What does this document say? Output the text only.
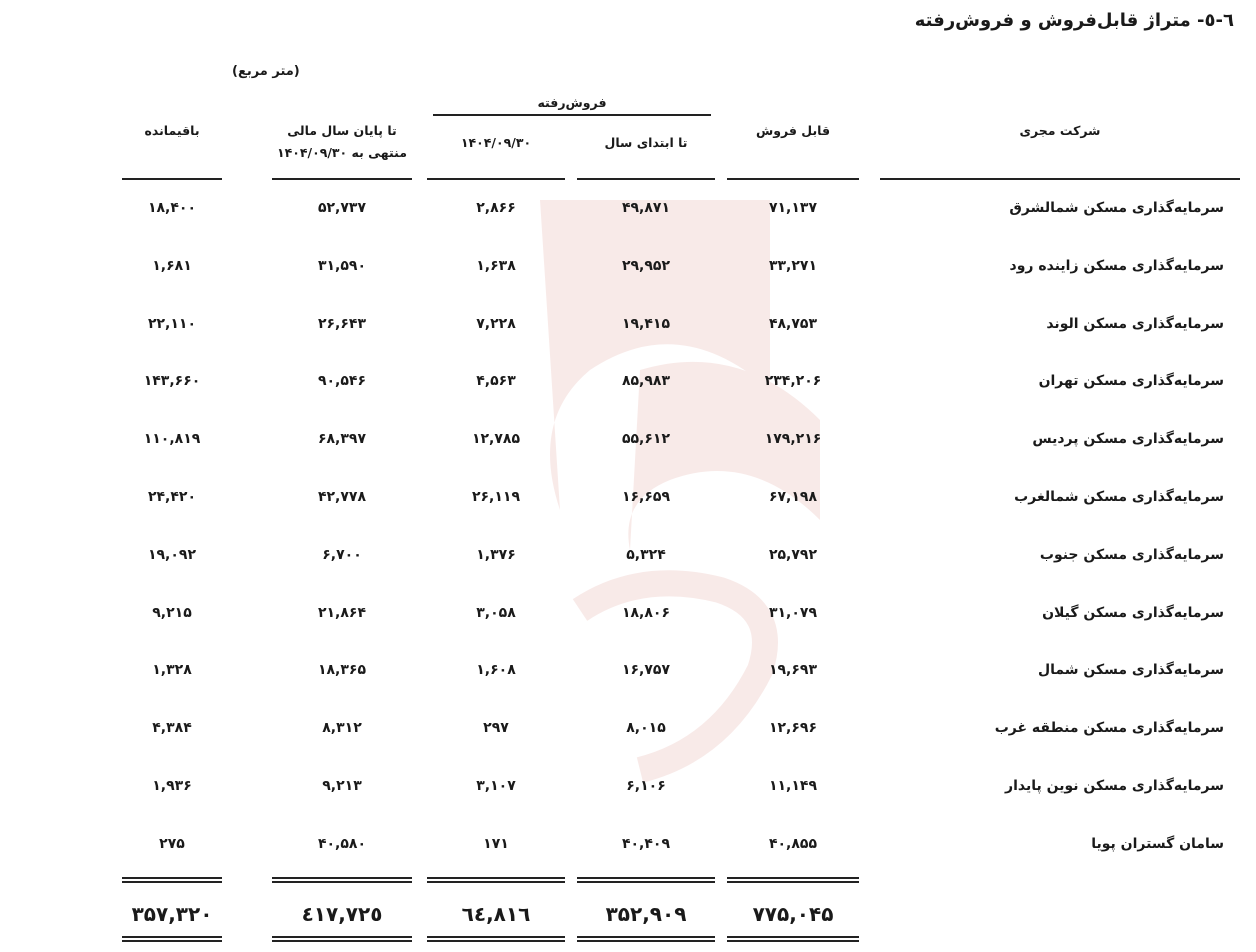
٦-٥- متراژ قابل‌فروش و فروش‌رفته
(متر مربع)
فروش‌رفته
شرکت مجری
قابل فروش
تا ابتدای سال
۱۴۰۴/۰۹/۳۰
تا پایان سال مالی
منتهی به ۱۴۰۴/۰۹/۳۰
باقیمانده
سرمایه‌گذاری مسکن شمالشرق
۷۱,۱۳۷
۴۹,۸۷۱
۲,۸۶۶
۵۲,۷۳۷
۱۸,۴۰۰
سرمایه‌گذاری مسکن زاینده رود
۳۳,۲۷۱
۲۹,۹۵۲
۱,۶۳۸
۳۱,۵۹۰
۱,۶۸۱
سرمایه‌گذاری مسکن الوند
۴۸,۷۵۳
۱۹,۴۱۵
۷,۲۲۸
۲۶,۶۴۳
۲۲,۱۱۰
سرمایه‌گذاری مسکن تهران
۲۳۴,۲۰۶
۸۵,۹۸۳
۴,۵۶۳
۹۰,۵۴۶
۱۴۳,۶۶۰
سرمایه‌گذاری مسکن پردیس
۱۷۹,۲۱۶
۵۵,۶۱۲
۱۲,۷۸۵
۶۸,۳۹۷
۱۱۰,۸۱۹
سرمایه‌گذاری مسکن شمالغرب
۶۷,۱۹۸
۱۶,۶۵۹
۲۶,۱۱۹
۴۲,۷۷۸
۲۴,۴۲۰
سرمایه‌گذاری مسکن جنوب
۲۵,۷۹۲
۵,۳۲۴
۱,۳۷۶
۶,۷۰۰
۱۹,۰۹۲
سرمایه‌گذاری مسکن گیلان
۳۱,۰۷۹
۱۸,۸۰۶
۳,۰۵۸
۲۱,۸۶۴
۹,۲۱۵
سرمایه‌گذاری مسکن شمال
۱۹,۶۹۳
۱۶,۷۵۷
۱,۶۰۸
۱۸,۳۶۵
۱,۳۲۸
سرمایه‌گذاری مسکن منطقه غرب
۱۲,۶۹۶
۸,۰۱۵
۲۹۷
۸,۳۱۲
۴,۳۸۴
سرمایه‌گذاری مسکن نوین پایدار
۱۱,۱۴۹
۶,۱۰۶
۳,۱۰۷
۹,۲۱۳
۱,۹۳۶
سامان گستران پویا
۴۰,۸۵۵
۴۰,۴۰۹
۱۷۱
۴۰,۵۸۰
۲۷۵
۷۷۵,۰۴۵
۳۵۲,۹۰۹
٦٤,٨١٦
٤١٧,٧٢٥
۳۵۷,۳۲۰
